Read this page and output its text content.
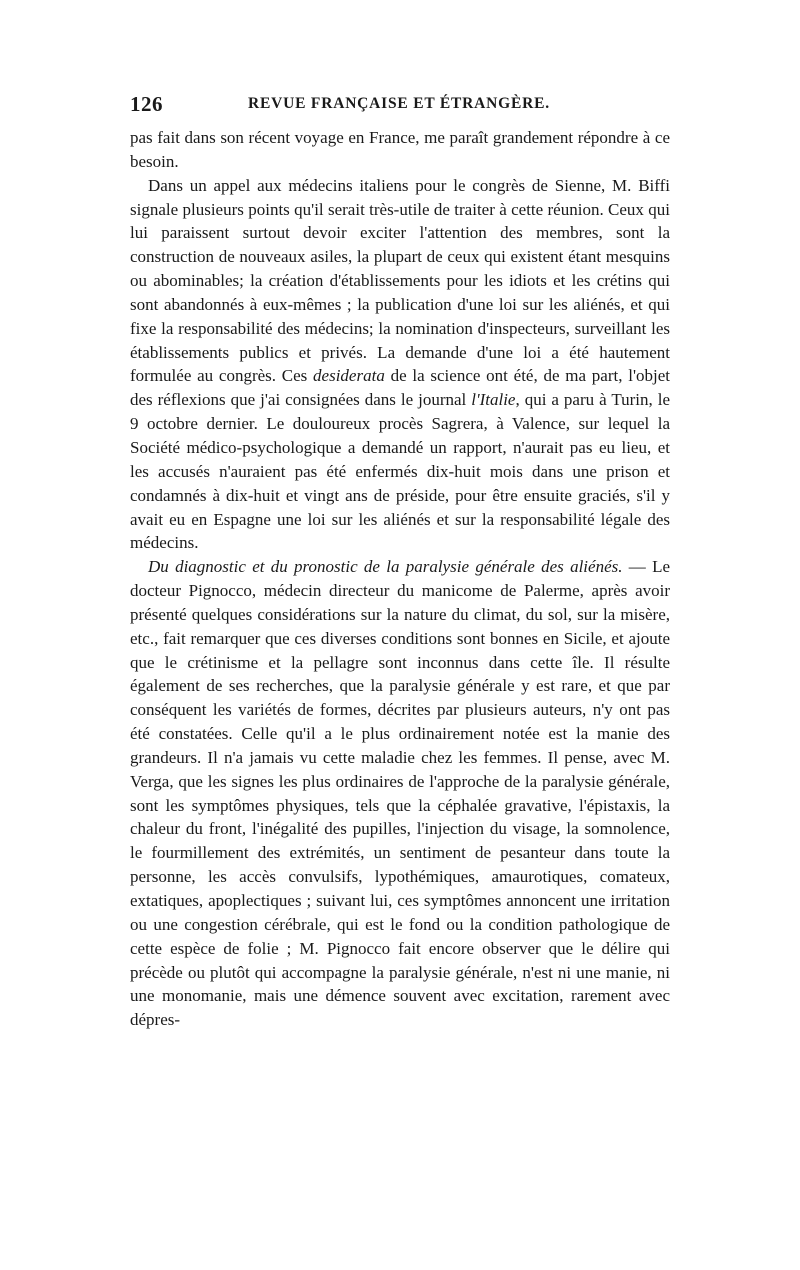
126	REVUE FRANÇAISE ET ÉTRANGÈRE.

pas fait dans son récent voyage en France, me paraît grandement répondre à ce besoin.

Dans un appel aux médecins italiens pour le congrès de Sienne, M. Biffi signale plusieurs points qu'il serait très-utile de traiter à cette réunion. Ceux qui lui paraissent surtout devoir exciter l'attention des membres, sont la construction de nouveaux asiles, la plupart de ceux qui existent étant mesquins ou abominables; la création d'établissements pour les idiots et les crétins qui sont abandonnés à eux-mêmes ; la publication d'une loi sur les aliénés, et qui fixe la responsabilité des médecins; la nomination d'inspecteurs, surveillant les établissements publics et privés. La demande d'une loi a été hautement formulée au congrès. Ces desiderata de la science ont été, de ma part, l'objet des réflexions que j'ai consignées dans le journal l'Italie, qui a paru à Turin, le 9 octobre dernier. Le douloureux procès Sagrera, à Valence, sur lequel la Société médico-psychologique a demandé un rapport, n'aurait pas eu lieu, et les accusés n'auraient pas été enfermés dix-huit mois dans une prison et condamnés à dix-huit et vingt ans de préside, pour être ensuite graciés, s'il y avait eu en Espagne une loi sur les aliénés et sur la responsabilité légale des médecins.

Du diagnostic et du pronostic de la paralysie générale des aliénés. — Le docteur Pignocco, médecin directeur du manicome de Palerme, après avoir présenté quelques considérations sur la nature du climat, du sol, sur la misère, etc., fait remarquer que ces diverses conditions sont bonnes en Sicile, et ajoute que le crétinisme et la pellagre sont inconnus dans cette île. Il résulte également de ses recherches, que la paralysie générale y est rare, et que par conséquent les variétés de formes, décrites par plusieurs auteurs, n'y ont pas été constatées. Celle qu'il a le plus ordinairement notée est la manie des grandeurs. Il n'a jamais vu cette maladie chez les femmes. Il pense, avec M. Verga, que les signes les plus ordinaires de l'approche de la paralysie générale, sont les symptômes physiques, tels que la céphalée gravative, l'épistaxis, la chaleur du front, l'inégalité des pupilles, l'injection du visage, la somnolence, le fourmillement des extrémités, un sentiment de pesanteur dans toute la personne, les accès convulsifs, lypothémiques, amaurotiques, comateux, extatiques, apoplectiques ; suivant lui, ces symptômes annoncent une irritation ou une congestion cérébrale, qui est le fond ou la condition pathologique de cette espèce de folie ; M. Pignocco fait encore observer que le délire qui précède ou plutôt qui accompagne la paralysie générale, n'est ni une manie, ni une monomanie, mais une démence souvent avec excitation, rarement avec dépres-
